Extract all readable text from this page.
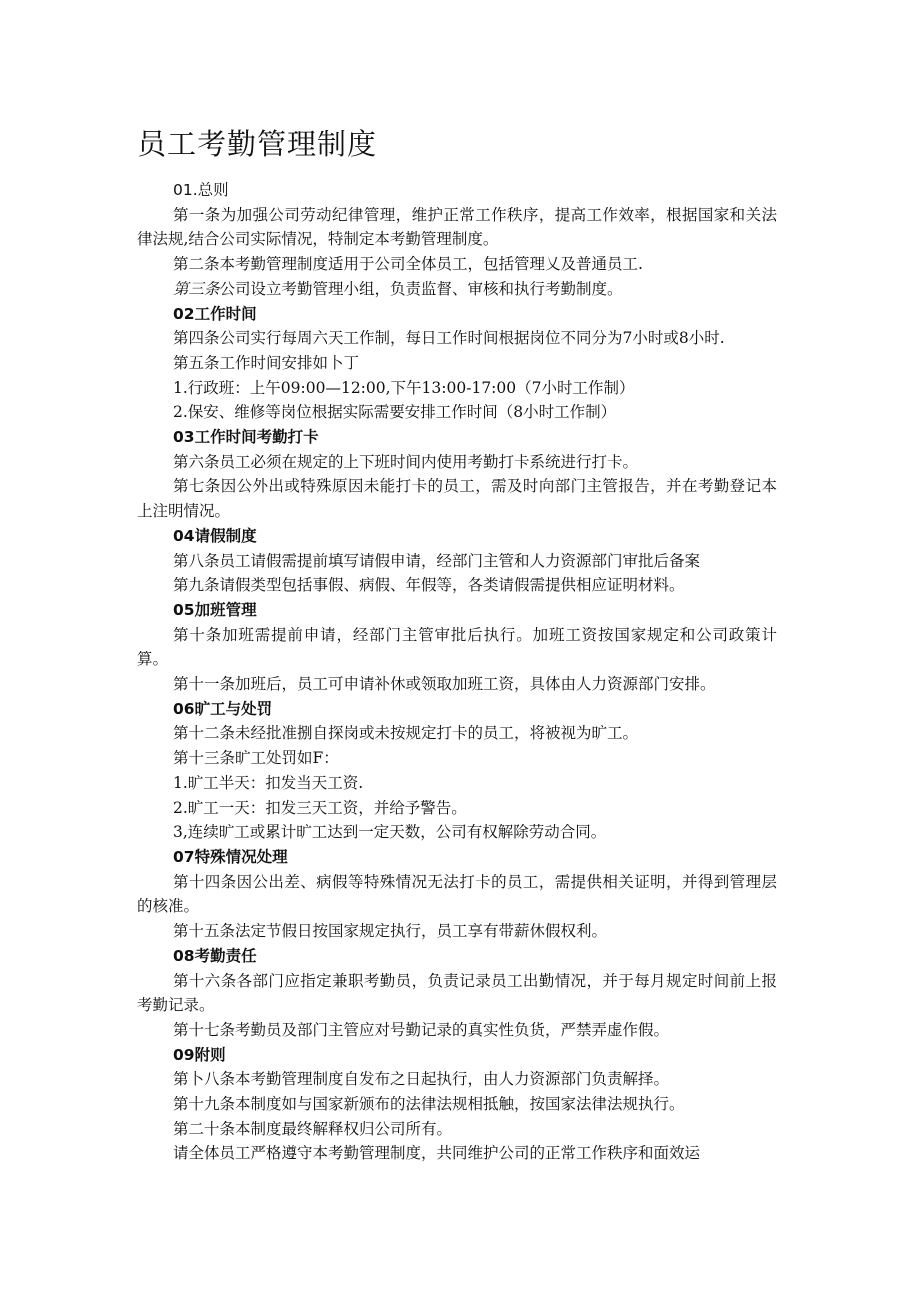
员工考勤管理制度
01.总则
第一条为加强公司劳动纪律管理，维护正常工作秩序，提高工作效率，根据国家和关法律法规,结合公司实际情况，特制定本考勤管理制度。
第二条本考勤管理制度适用于公司全体员工，包括管理乂及普通员工.
第三条公司设立考勤管理小组，负责监督、审核和执行考勤制度。
02工作时间
第四条公司实行每周六天工作制，每日工作时间根据岗位不同分为7小时或8小时.
第五条工作时间安排如卜丁
1.行政班：上午09:00—12:00,下午13:00-17:00（7小时工作制）
2.保安、维修等岗位根据实际需要安排工作时间（8小时工作制）
03工作时间考勤打卡
第六条员工必须在规定的上下班时间内使用考勤打卡系统进行打卡。
第七条因公外出或特殊原因未能打卡的员工，需及时向部门主管报告，并在考勤登记本上注明情况。
04请假制度
第八条员工请假需提前填写请假申请，经部门主管和人力资源部门审批后备案
第九条请假类型包括事假、病假、年假等，各类请假需提供相应证明材料。
05加班管理
第十条加班需提前申请，经部门主管审批后执行。加班工资按国家规定和公司政策计算。
第十一条加班后，员工可申请补休或领取加班工资，具体由人力资源部门安排。
06旷工与处罚
第十二条未经批准捌自探岗或未按规定打卡的员工，将被视为旷工。
第十三条旷工处罚如F：
1.旷工半天：扣发当天工资.
2.旷工一天：扣发三天工资，并给予警告。
3,连续旷工或累计旷工达到一定天数，公司有权解除劳动合同。
07特殊情况处理
第十四条因公出差、病假等特殊情况无法打卡的员工，需提供相关证明，并得到管理层的核准。
第十五条法定节假日按国家规定执行，员工享有带薪休假权利。
08考勤责任
第十六条各部门应指定兼职考勤员，负责记录员工出勤情况，并于每月规定时间前上报考勤记录。
第十七条考勤员及部门主管应对号勤记录的真实性负货，严禁弄虚作假。
09附则
第卜八条本考勤管理制度自发布之日起执行，由人力资源部门负责解择。
第十九条本制度如与国家新颁布的法律法规相抵触，按国家法律法规执行。
第二十条本制度最终解释权归公司所有。
请全体员工严格遵守本考勤管理制度，共同维护公司的正常工作秩序和面效运
